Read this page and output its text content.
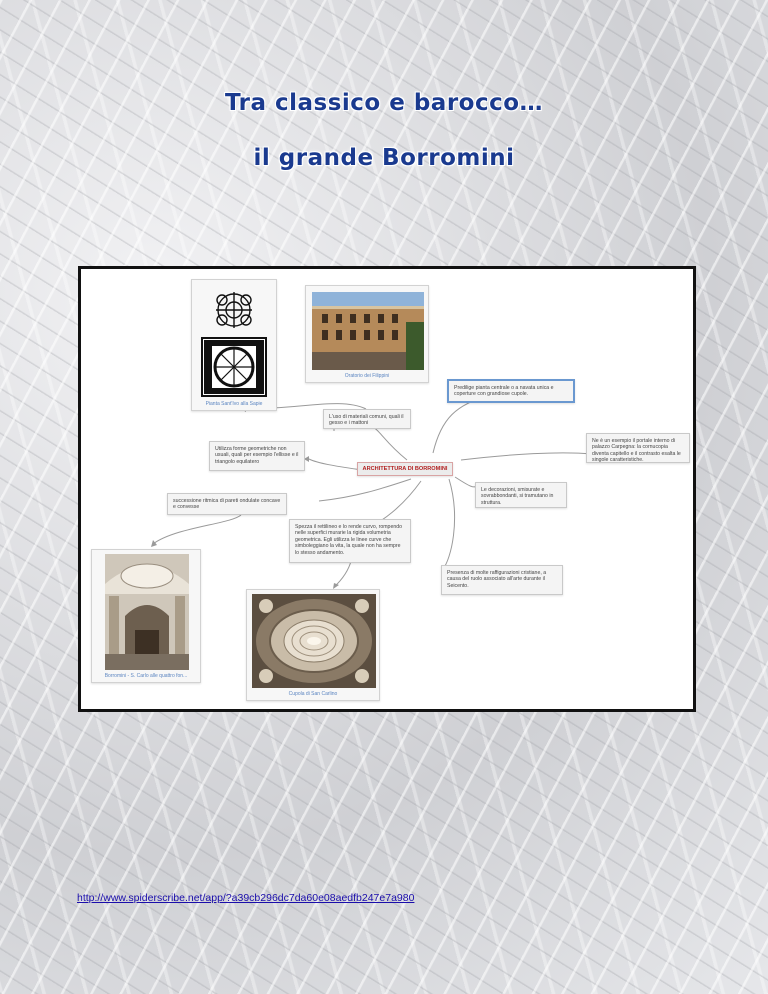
Tra classico e barocco…
il grande Borromini
Pianta Sant'Ivo alla Sapie
Oratorio dei Filippini
Predilige pianta centrale o a navata unica e coperture con grandiose cupole.
L'uso di materiali comuni, quali il gesso e i mattoni
Utilizza forme geometriche non usuali, quali per esempio l'ellisse e il triangolo equilatero
Ne è un esempio il portale interno di palazzo Carpegna: la cornucopia diventa capitello e il contrasto esalta le singole caratteristiche.
ARCHITETTURA DI BORROMINI
Le decorazioni, smisurate e sovrabbondanti, si tramutano in struttura.
successione ritmica di pareti ondulate concave e convesse
Spezza il rettilineo e lo rende curvo, rompendo nelle superfici murarie la rigida volumetria geometrica. Egli utilizza le linee curve che simboleggiano la vita, la quale non ha sempre lo stesso andamento.
Presenza di molte raffigurazioni cristiane, a causa del ruolo associato all'arte durante il Seicento.
Borromini - S. Carlo alle quattro fon...
Cupola di San Carlino
http://www.spiderscribe.net/app/?a39cb296dc7da60e08aedfb247e7a980
